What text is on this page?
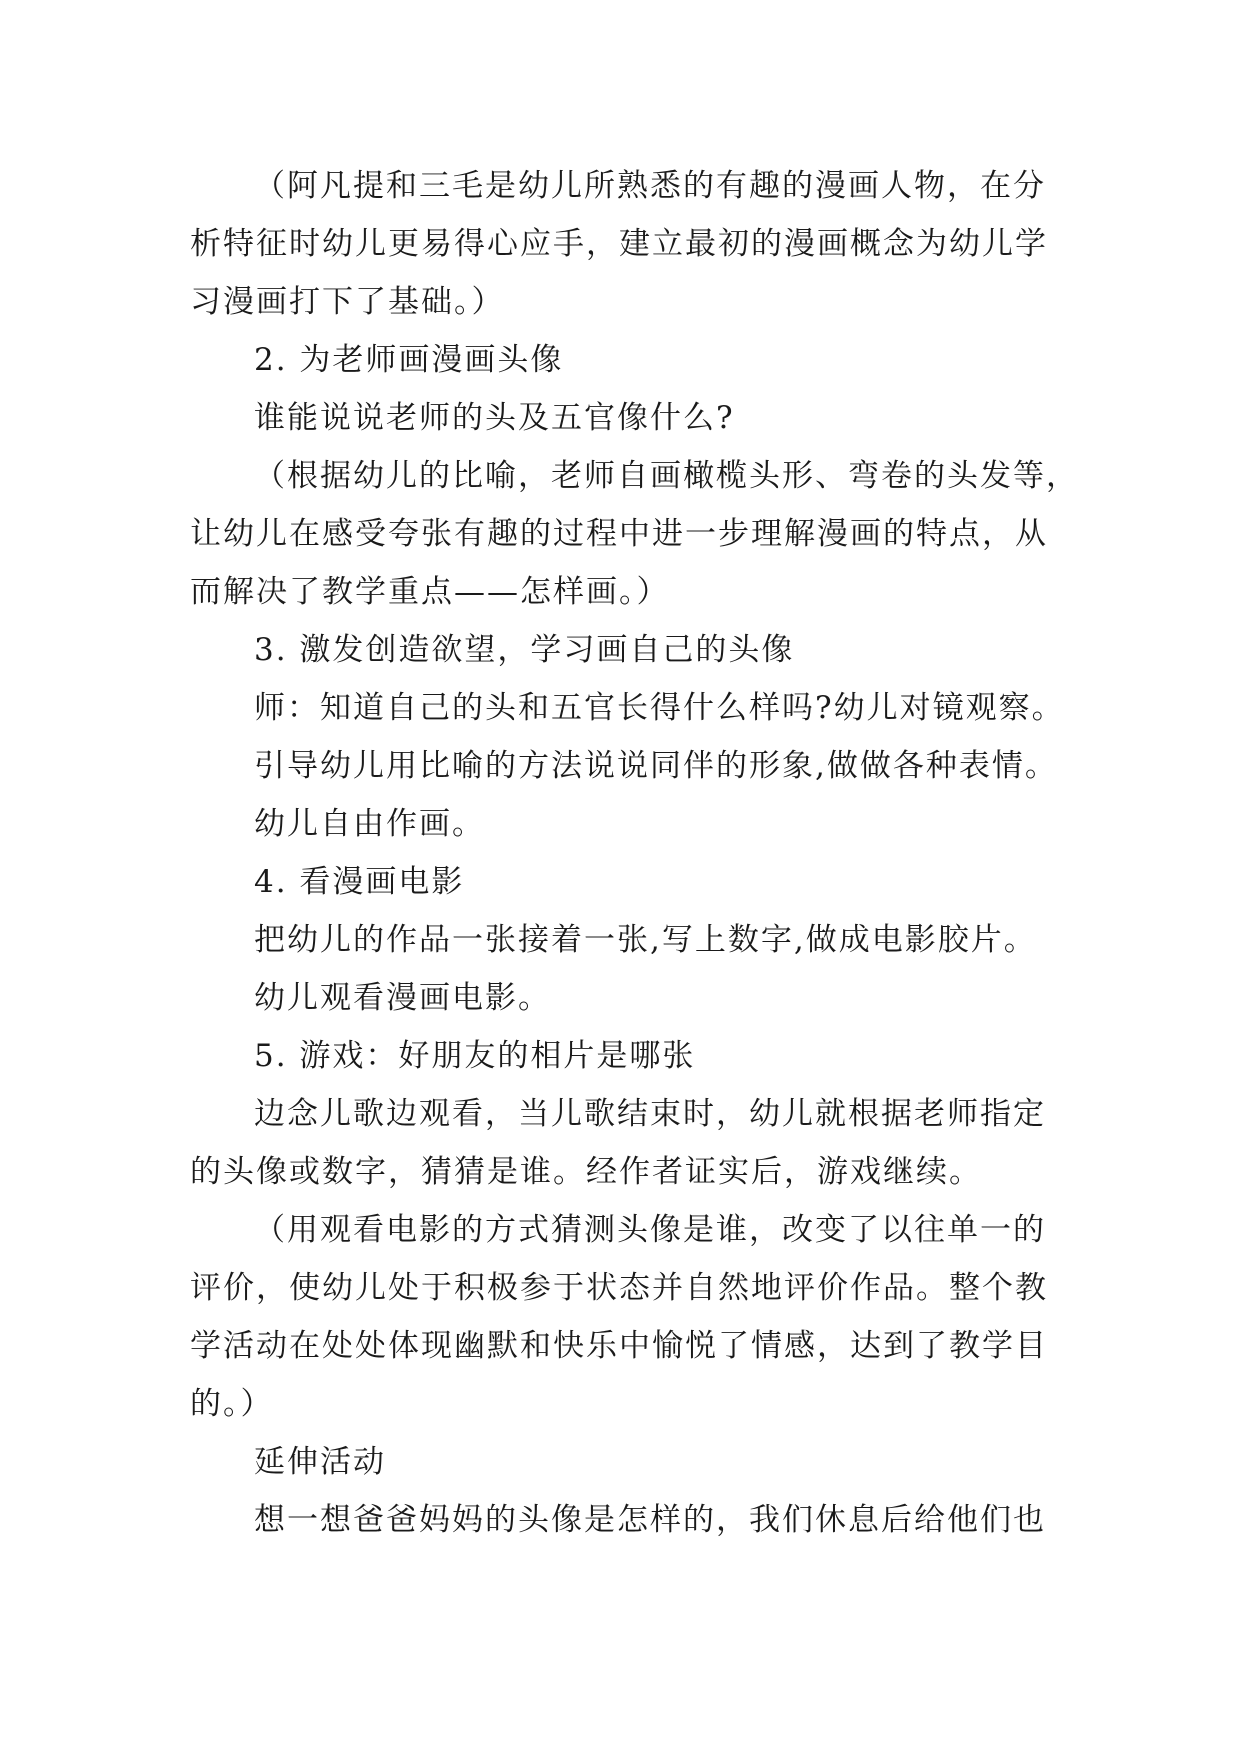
（阿凡提和三毛是幼儿所熟悉的有趣的漫画人物，在分
析特征时幼儿更易得心应手，建立最初的漫画概念为幼儿学
习漫画打下了基础。）
2. 为老师画漫画头像
谁能说说老师的头及五官像什么?
（根据幼儿的比喻，老师自画橄榄头形、弯卷的头发等，
让幼儿在感受夸张有趣的过程中进一步理解漫画的特点，从
而解决了教学重点——怎样画。）
3. 激发创造欲望，学习画自己的头像
师：知道自己的头和五官长得什么样吗?幼儿对镜观察。
引导幼儿用比喻的方法说说同伴的形象,做做各种表情。
幼儿自由作画。
4. 看漫画电影
把幼儿的作品一张接着一张,写上数字,做成电影胶片。
幼儿观看漫画电影。
5. 游戏：好朋友的相片是哪张
边念儿歌边观看，当儿歌结束时，幼儿就根据老师指定
的头像或数字，猜猜是谁。经作者证实后，游戏继续。
（用观看电影的方式猜测头像是谁，改变了以往单一的
评价，使幼儿处于积极参于状态并自然地评价作品。整个教
学活动在处处体现幽默和快乐中愉悦了情感，达到了教学目
的。）
延伸活动
想一想爸爸妈妈的头像是怎样的，我们休息后给他们也
